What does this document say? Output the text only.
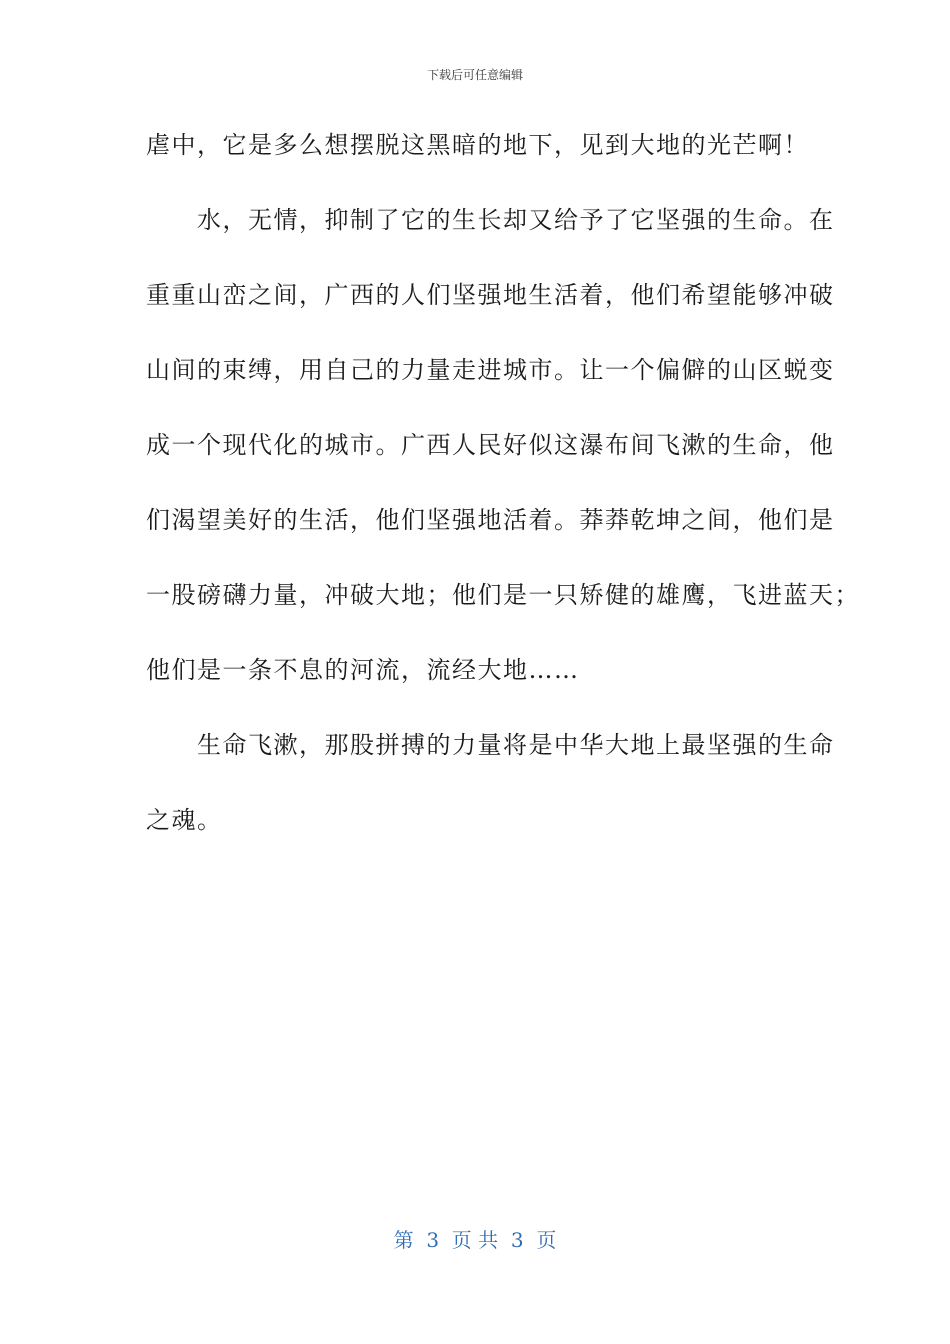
下载后可任意编辑
虐中，它是多么想摆脱这黑暗的地下，见到大地的光芒啊！
　　水，无情，抑制了它的生长却又给予了它坚强的生命。在
重重山峦之间，广西的人们坚强地生活着，他们希望能够冲破
山间的束缚，用自己的力量走进城市。让一个偏僻的山区蜕变
成一个现代化的城市。广西人民好似这瀑布间飞漱的生命，他
们渴望美好的生活，他们坚强地活着。莽莽乾坤之间，他们是
一股磅礴力量，冲破大地；他们是一只矫健的雄鹰，飞进蓝天；
他们是一条不息的河流，流经大地……
　　生命飞漱，那股拼搏的力量将是中华大地上最坚强的生命
之魂。
第  3  页 共  3  页
